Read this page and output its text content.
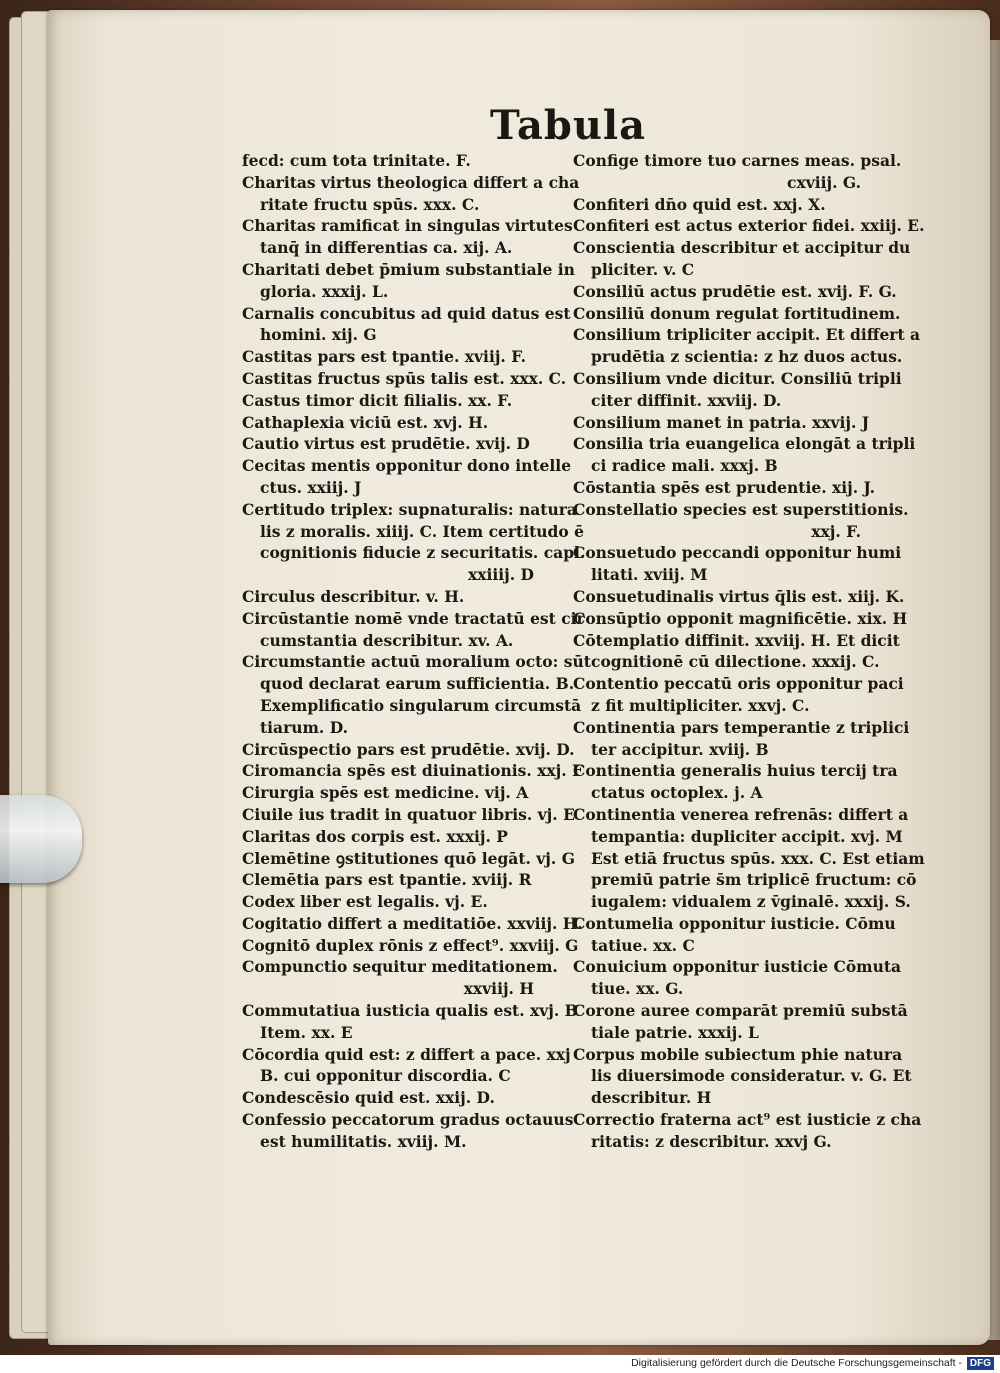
Tabula
fecd: cum tota trinitate. F.
Charitas virtus theologica differt a cha
ritate fructu spūs. xxx. C.
Charitas ramificat in singulas virtutes
tanq̄ in differentias ca. xij. A.
Charitati debet p̄mium substantiale in
gloria. xxxij. L.
Carnalis concubitus ad quid datus est
homini. xij. G
Castitas pars est tpantie. xviij. F.
Castitas fructus spūs talis est. xxx. C.
Castus timor dicit filialis. xx. F.
Cathaplexia viciū est. xvj. H.
Cautio virtus est prudētie. xvij. D
Cecitas mentis opponitur dono intelle
ctus. xxiij. J
Certitudo triplex: supnaturalis: natura
lis z moralis. xiiij. C. Item certitudo ē
cognitionis fiducie z securitatis. capl.
xxiiij. D
Circulus describitur. v. H.
Circūstantie nomē vnde tractatū est cir
cumstantia describitur. xv. A.
Circumstantie actuū moralium octo: sūt
quod declarat earum sufficientia. B.
Exemplificatio singularum circumstā
tiarum. D.
Circūspectio pars est prudētie. xvij. D.
Ciromancia spēs est diuinationis. xxj. F
Cirurgia spēs est medicine. vij. A
Ciuile ius tradit in quatuor libris. vj. E
Claritas dos corpis est. xxxij. P
Clemētine ꝯstitutiones quō legāt. vj. G
Clemētia pars est tpantie. xviij. R
Codex liber est legalis. vj. E.
Cogitatio differt a meditatiōe. xxviij. H.
Cognitō duplex rōnis z effect⁹. xxviij. G
Compunctio sequitur meditationem.
xxviij. H
Commutatiua iusticia qualis est. xvj. B
Item. xx. E
Cōcordia quid est: z differt a pace. xxj
B. cui opponitur discordia. C
Condescēsio quid est. xxij. D.
Confessio peccatorum gradus octauus
est humilitatis. xviij. M.
Confige timore tuo carnes meas. psal.
cxviij. G.
Confiteri dn̄o quid est. xxj. X.
Confiteri est actus exterior fidei. xxiij. E.
Conscientia describitur et accipitur du
pliciter. v. C
Consiliū actus prudētie est. xvij. F. G.
Consiliū donum regulat fortitudinem.
Consilium tripliciter accipit. Et differt a
prudētia z scientia: z hz duos actus.
Consilium vnde dicitur. Consiliū tripli
citer diffinit. xxviij. D.
Consilium manet in patria. xxvij. J
Consilia tria euangelica elongāt a tripli
ci radice mali. xxxj. B
Cōstantia spēs est prudentie. xij. J.
Constellatio species est superstitionis.
xxj. F.
Consuetudo peccandi opponitur humi
litati. xviij. M
Consuetudinalis virtus q̄lis est. xiij. K.
Consūptio opponit magnificētie. xix. H
Cōtemplatio diffinit. xxviij. H. Et dicit
cognitionē cū dilectione. xxxij. C.
Contentio peccatū oris opponitur paci
z fit multipliciter. xxvj. C.
Continentia pars temperantie z triplici
ter accipitur. xviij. B
Continentia generalis huius tercij tra
ctatus octoplex. j. A
Continentia venerea refrenās: differt a
tempantia: dupliciter accipit. xvj. M
Est etiā fructus spūs. xxx. C. Est etiam
premiū patrie s̄m triplicē fructum: cō
iugalem: vidualem z v̄ginalē. xxxij. S.
Contumelia opponitur iusticie. Cōmu
tatiue. xx. C
Conuicium opponitur iusticie Cōmuta
tiue. xx. G.
Corone auree comparāt premiū substā
tiale patrie. xxxij. L
Corpus mobile subiectum phie natura
lis diuersimode consideratur. v. G. Et
describitur. H
Correctio fraterna act⁹ est iusticie z cha
ritatis: z describitur. xxvj G.
Digitalisierung gefördert durch die Deutsche Forschungsgemeinschaft - DFG
